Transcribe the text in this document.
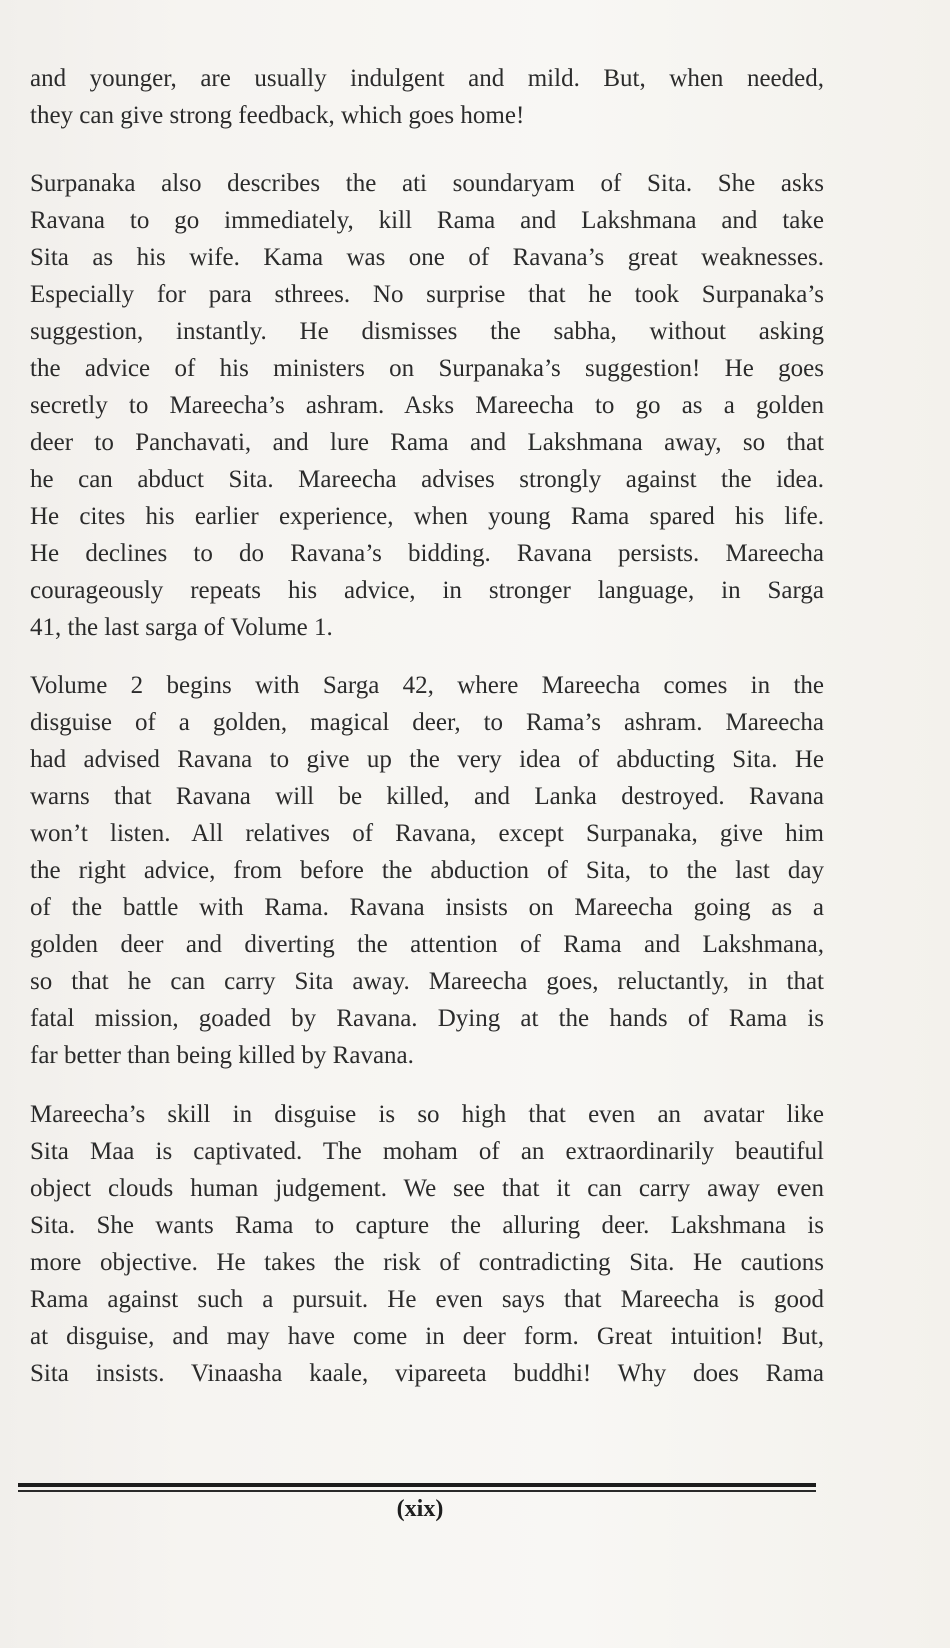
and younger, are usually indulgent and mild. But, when needed,
they can give strong feedback, which goes home!
Surpanaka also describes the ati soundaryam of Sita. She asks
Ravana to go immediately, kill Rama and Lakshmana and take
Sita as his wife. Kama was one of Ravana’s great weaknesses.
Especially for para sthrees. No surprise that he took Surpanaka’s
suggestion, instantly. He dismisses the sabha, without asking
the advice of his ministers on Surpanaka’s suggestion! He goes
secretly to Mareecha’s ashram. Asks Mareecha to go as a golden
deer to Panchavati, and lure Rama and Lakshmana away, so that
he can abduct Sita. Mareecha advises strongly against the idea.
He cites his earlier experience, when young Rama spared his life.
He declines to do Ravana’s bidding. Ravana persists. Mareecha
courageously repeats his advice, in stronger language, in Sarga
41, the last sarga of Volume 1.
Volume 2 begins with Sarga 42, where Mareecha comes in the
disguise of a golden, magical deer, to Rama’s ashram. Mareecha
had advised Ravana to give up the very idea of abducting Sita. He
warns that Ravana will be killed, and Lanka destroyed. Ravana
won’t listen. All relatives of Ravana, except Surpanaka, give him
the right advice, from before the abduction of Sita, to the last day
of the battle with Rama. Ravana insists on Mareecha going as a
golden deer and diverting the attention of Rama and Lakshmana,
so that he can carry Sita away. Mareecha goes, reluctantly, in that
fatal mission, goaded by Ravana. Dying at the hands of Rama is
far better than being killed by Ravana.
Mareecha’s skill in disguise is so high that even an avatar like
Sita Maa is captivated. The moham of an extraordinarily beautiful
object clouds human judgement. We see that it can carry away even
Sita. She wants Rama to capture the alluring deer. Lakshmana is
more objective. He takes the risk of contradicting Sita. He cautions
Rama against such a pursuit. He even says that Mareecha is good
at disguise, and may have come in deer form. Great intuition! But,
Sita insists. Vinaasha kaale, vipareeta buddhi! Why does Rama
(xix)
